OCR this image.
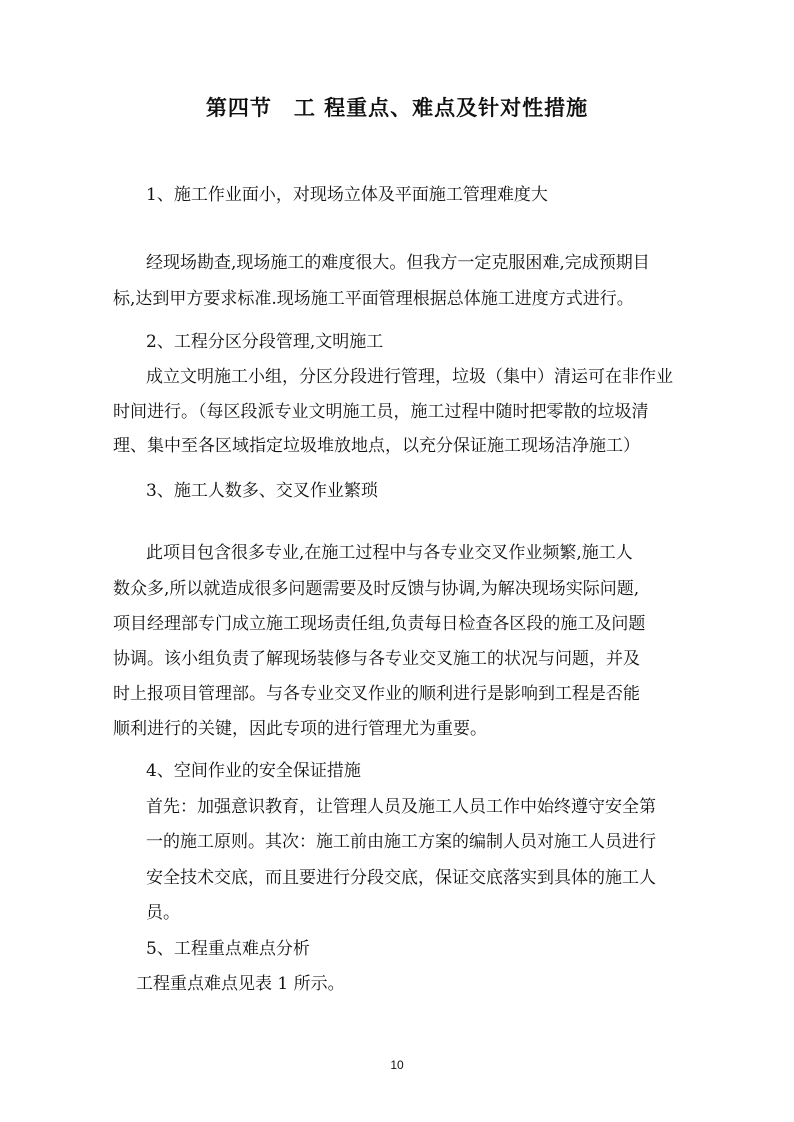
第四节 工 程重点、难点及针对性措施
1、施工作业面小，对现场立体及平面施工管理难度大
经现场勘查,现场施工的难度很大。但我方一定克服困难,完成预期目
标,达到甲方要求标准.现场施工平面管理根据总体施工进度方式进行。
2、工程分区分段管理,文明施工
成立文明施工小组，分区分段进行管理，垃圾（集中）清运可在非作业
时间进行。（每区段派专业文明施工员，施工过程中随时把零散的垃圾清
理、集中至各区域指定垃圾堆放地点，以充分保证施工现场洁净施工）
3、施工人数多、交叉作业繁琐
此项目包含很多专业,在施工过程中与各专业交叉作业频繁,施工人
数众多,所以就造成很多问题需要及时反馈与协调,为解决现场实际问题,
项目经理部专门成立施工现场责任组,负责每日检查各区段的施工及问题
协调。该小组负责了解现场装修与各专业交叉施工的状况与问题，并及
时上报项目管理部。与各专业交叉作业的顺利进行是影响到工程是否能
顺利进行的关键，因此专项的进行管理尤为重要。
4、空间作业的安全保证措施
首先：加强意识教育，让管理人员及施工人员工作中始终遵守安全第
一的施工原则。其次：施工前由施工方案的编制人员对施工人员进行
安全技术交底，而且要进行分段交底，保证交底落实到具体的施工人
员。
5、工程重点难点分析
工程重点难点见表 1 所示。
10
